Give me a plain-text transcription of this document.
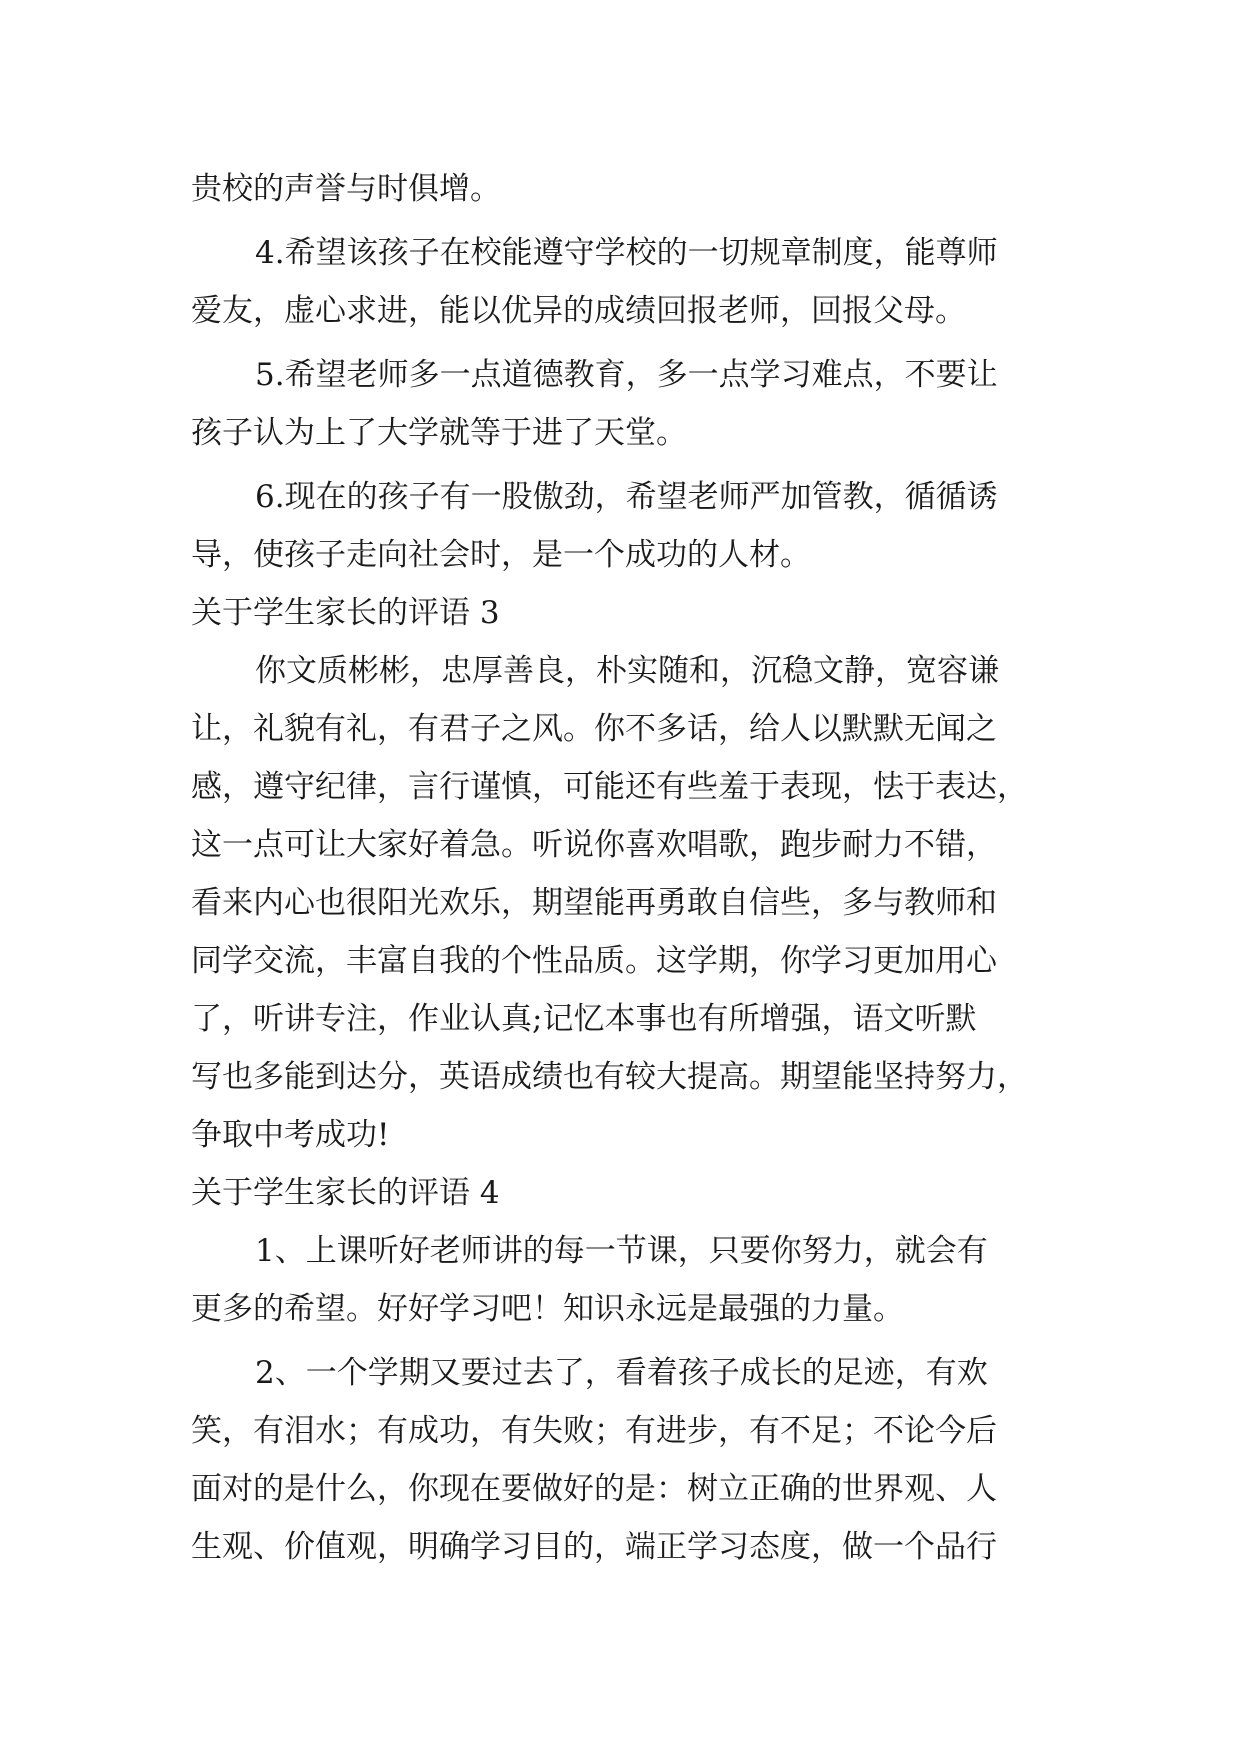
贵校的声誉与时俱增。
4.希望该孩子在校能遵守学校的一切规章制度，能尊师
爱友，虚心求进，能以优异的成绩回报老师，回报父母。
5.希望老师多一点道德教育，多一点学习难点，不要让
孩子认为上了大学就等于进了天堂。
6.现在的孩子有一股傲劲，希望老师严加管教，循循诱
导，使孩子走向社会时，是一个成功的人材。
关于学生家长的评语 3
你文质彬彬，忠厚善良，朴实随和，沉稳文静，宽容谦
让，礼貌有礼，有君子之风。你不多话，给人以默默无闻之
感，遵守纪律，言行谨慎，可能还有些羞于表现，怯于表达，
这一点可让大家好着急。听说你喜欢唱歌，跑步耐力不错，
看来内心也很阳光欢乐，期望能再勇敢自信些，多与教师和
同学交流，丰富自我的个性品质。这学期，你学习更加用心
了，听讲专注，作业认真;记忆本事也有所增强，语文听默
写也多能到达分，英语成绩也有较大提高。期望能坚持努力，
争取中考成功!
关于学生家长的评语 4
1、上课听好老师讲的每一节课，只要你努力，就会有
更多的希望。好好学习吧！知识永远是最强的力量。
2、一个学期又要过去了，看着孩子成长的足迹，有欢
笑，有泪水；有成功，有失败；有进步，有不足；不论今后
面对的是什么，你现在要做好的是：树立正确的世界观、人
生观、价值观，明确学习目的，端正学习态度，做一个品行
